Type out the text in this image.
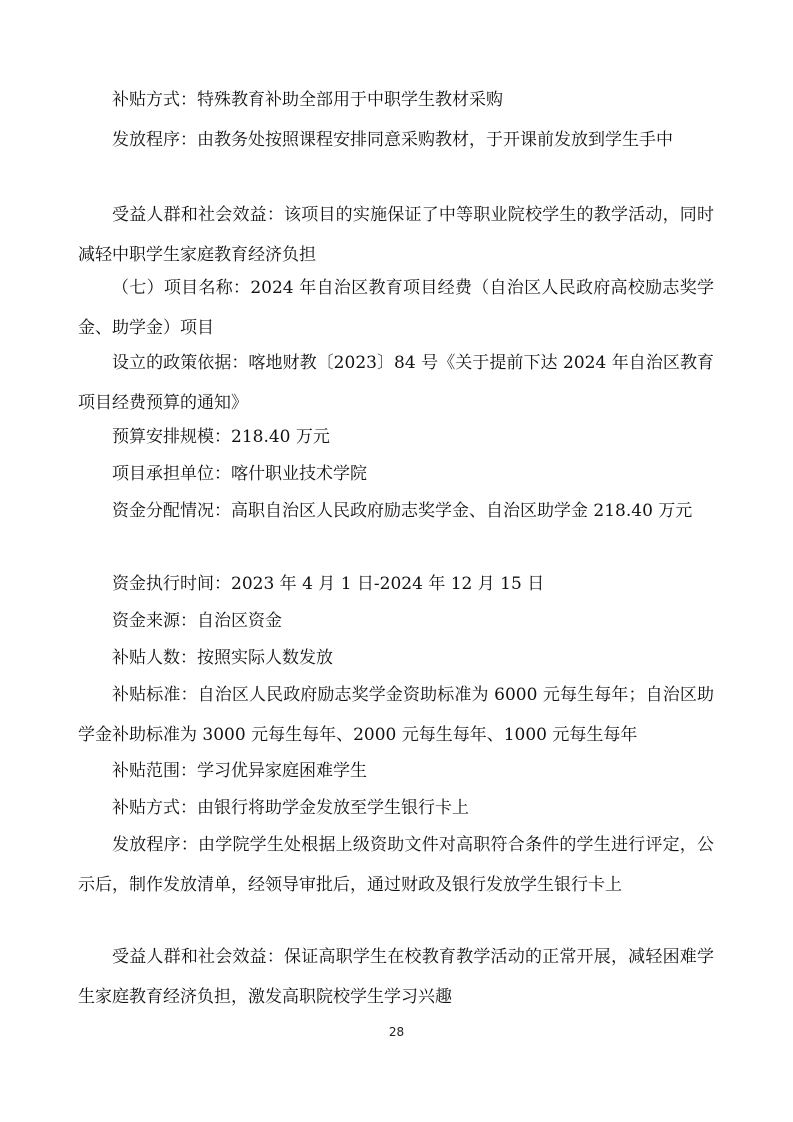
补贴方式：特殊教育补助全部用于中职学生教材采购

发放程序：由教务处按照课程安排同意采购教材，于开课前发放到学生手中

受益人群和社会效益：该项目的实施保证了中等职业院校学生的教学活动，同时减轻中职学生家庭教育经济负担

（七）项目名称：2024 年自治区教育项目经费（自治区人民政府高校励志奖学金、助学金）项目

设立的政策依据：喀地财教〔2023〕84 号《关于提前下达 2024 年自治区教育项目经费预算的通知》

预算安排规模：218.40 万元

项目承担单位：喀什职业技术学院

资金分配情况：高职自治区人民政府励志奖学金、自治区助学金 218.40 万元

资金执行时间：2023 年 4 月 1 日-2024 年 12 月 15 日

资金来源：自治区资金

补贴人数：按照实际人数发放

补贴标准：自治区人民政府励志奖学金资助标准为 6000 元每生每年；自治区助学金补助标准为 3000 元每生每年、2000 元每生每年、1000 元每生每年

补贴范围：学习优异家庭困难学生

补贴方式：由银行将助学金发放至学生银行卡上

发放程序：由学院学生处根据上级资助文件对高职符合条件的学生进行评定，公示后，制作发放清单，经领导审批后，通过财政及银行发放学生银行卡上

受益人群和社会效益：保证高职学生在校教育教学活动的正常开展，减轻困难学生家庭教育经济负担，激发高职院校学生学习兴趣

28
